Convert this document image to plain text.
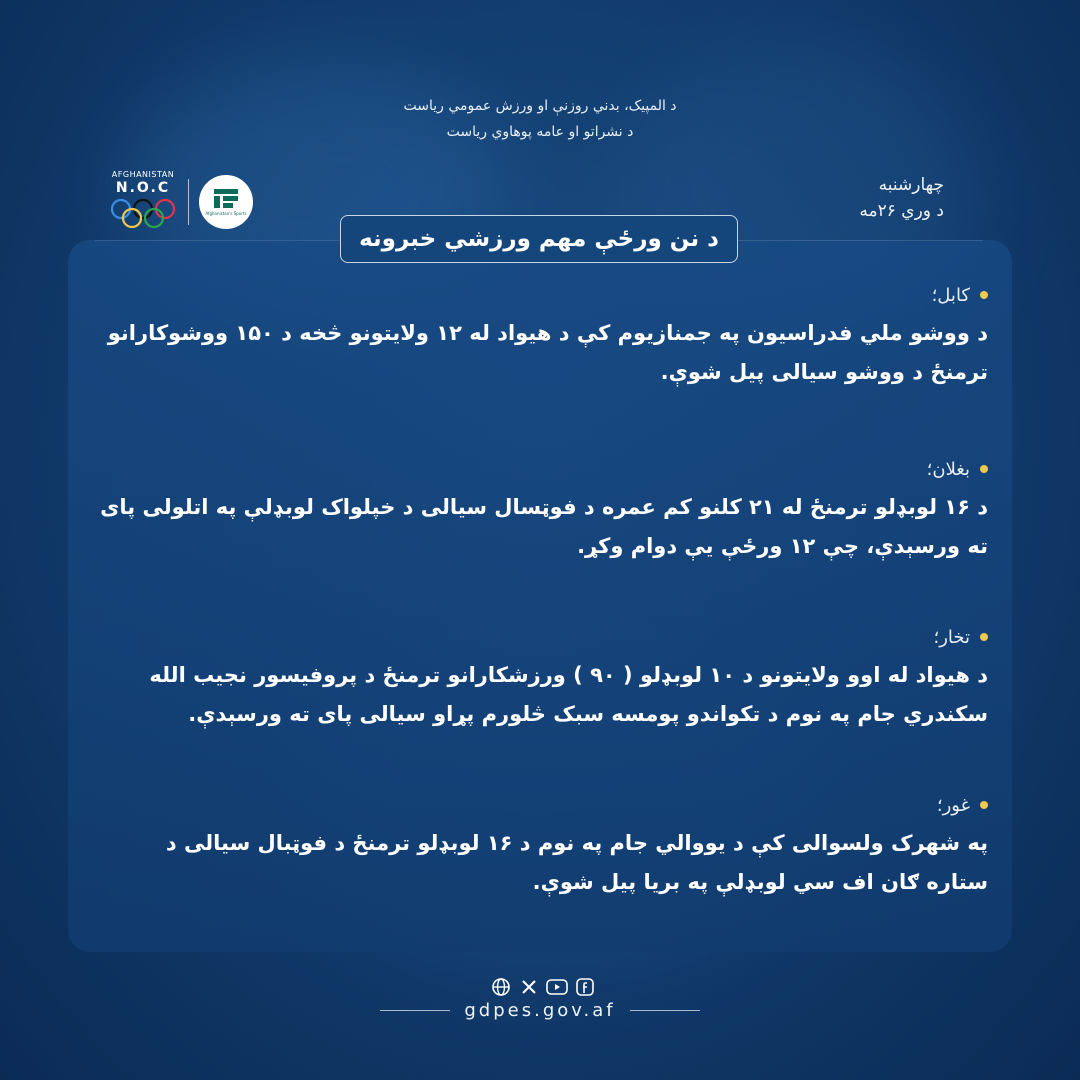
د المپیک، بدني روزنې او ورزش عمومي ریاست
د نشراتو او عامه پوهاوي ریاست
AFGHANISTAN
N.O.C
Afghanistan's Sports
چهارشنبه
د وري ۲۶مه
د نن ورځې مهم ورزشي خبرونه
کابل؛
د ووشو ملي فدراسیون په جمنازیوم کې د هیواد له ۱۲ ولایتونو څخه د ۱۵۰ ووشوکارانو ترمنځ د ووشو سیالی پیل شوې.
بغلان؛
د ۱۶ لوبډلو ترمنځ له ۲۱ کلنو کم عمره د فوټسال سیالی د خپلواک لوبډلې په اتلولی پای ته ورسېدې، چې ۱۲ ورځې یې دوام وکړ.
تخار؛
د هیواد له اوو ولایتونو د ۱۰ لوبډلو ( ۹۰ ) ورزشکارانو ترمنځ د پروفیسور نجیب الله سکندري جام په نوم د تکواندو پومسه سبک څلورم پړاو سیالی پای ته ورسېدې.
غور؛
په شهرک ولسوالی کې د یووالي جام په نوم د ۱۶ لوبډلو ترمنځ د فوټبال سیالی د ستاره ګان اف سي لوبډلې په بریا پیل شوې.
gdpes.gov.af
